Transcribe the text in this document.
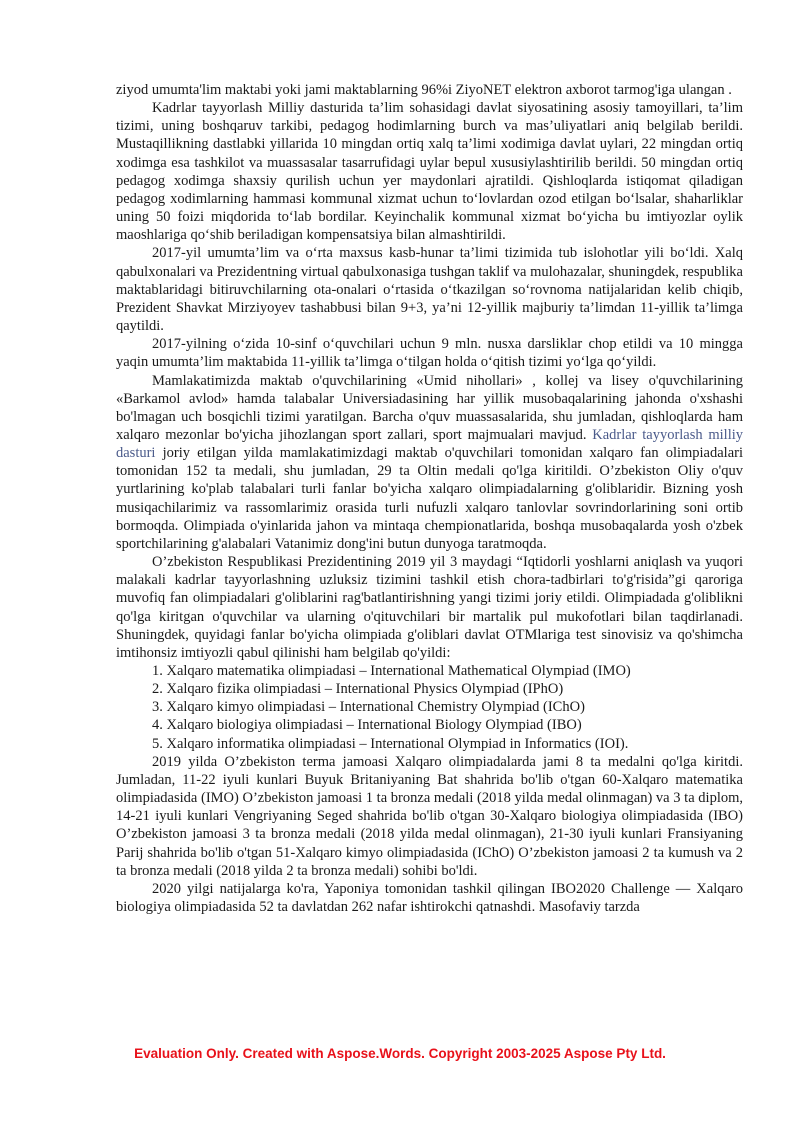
ziyod umumta'lim maktabi yoki jami maktablarning 96%i ZiyoNET elektron axborot tarmog'iga ulangan .

Kadrlar tayyorlash Milliy dasturida ta’lim sohasidagi davlat siyosatining asosiy tamoyillari, ta’lim tizimi, uning boshqaruv tarkibi, pedagog hodimlarning burch va mas’uliyatlari aniq belgilab berildi. Mustaqillikning dastlabki yillarida 10 mingdan ortiq xalq ta’limi xodimiga davlat uylari, 22 mingdan ortiq xodimga esa tashkilot va muassasalar tasarrufidagi uylar bepul xususiylashtirilib berildi. 50 mingdan ortiq pedagog xodimga shaxsiy qurilish uchun yer maydonlari ajratildi. Qishloqlarda istiqomat qiladigan pedagog xodimlarning hammasi kommunal xizmat uchun to‘lovlardan ozod etilgan bo‘lsalar, shaharliklar uning 50 foizi miqdorida to‘lab bordilar. Keyinchalik kommunal xizmat bo‘yicha bu imtiyozlar oylik maoshlariga qo‘shib beriladigan kompensatsiya bilan almashtirildi.

2017-yil umumta’lim va o‘rta maxsus kasb-hunar ta’limi tizimida tub islohotlar yili bo‘ldi. Xalq qabulxonalari va Prezidentning virtual qabulxonasiga tushgan taklif va mulohazalar, shuningdek, respublika maktablaridagi bitiruvchilarning ota-onalari o‘rtasida o‘tkazilgan so‘rovnoma natijalaridan kelib chiqib, Prezident Shavkat Mirziyoyev tashabbusi bilan 9+3, ya’ni 12-yillik majburiy ta’limdan 11-yillik ta’limga qaytildi.

2017-yilning o‘zida 10-sinf o‘quvchilari uchun 9 mln. nusxa darsliklar chop etildi va 10 mingga yaqin umumta’lim maktabida 11-yillik ta’limga o‘tilgan holda o‘qitish tizimi yo‘lga qo‘yildi.

Mamlakatimizda maktab o'quvchilarining «Umid nihollari» , kollej va lisey o'quvchilarining «Barkamol avlod» hamda talabalar Universiadasining har yillik musobaqalarining jahonda o'xshashi bo'lmagan uch bosqichli tizimi yaratilgan. Barcha o'quv muassasalarida, shu jumladan, qishloqlarda ham xalqaro mezonlar bo'yicha jihozlangan sport zallari, sport majmualari mavjud. Kadrlar tayyorlash milliy dasturi joriy etilgan yilda mamlakatimizdagi maktab o'quvchilari tomonidan xalqaro fan olimpiadalari tomonidan 152 ta medali, shu jumladan, 29 ta Oltin medali qo'lga kiritildi. O’zbekiston Oliy o'quv yurtlarining ko'plab talabalari turli fanlar bo'yicha xalqaro olimpiadalarning g'oliblaridir. Bizning yosh musiqachilarimiz va rassomlarimiz orasida turli nufuzli xalqaro tanlovlar sovrindorlarining soni ortib bormoqda. Olimpiada o'yinlarida jahon va mintaqa chempionatlarida, boshqa musobaqalarda yosh o'zbek sportchilarining g'alabalari Vatanimiz dong'ini butun dunyoga taratmoqda.

O’zbekiston Respublikasi Prezidentining 2019 yil 3 maydagi “Iqtidorli yoshlarni aniqlash va yuqori malakali kadrlar tayyorlashning uzluksiz tizimini tashkil etish chora-tadbirlari to'g'risida”gi qaroriga muvofiq fan olimpiadalari g'oliblarini rag'batlantirishning yangi tizimi joriy etildi. Olimpiadada g'oliblikni qo'lga kiritgan o'quvchilar va ularning o'qituvchilari bir martalik pul mukofotlari bilan taqdirlanadi. Shuningdek, quyidagi fanlar bo'yicha olimpiada g'oliblari davlat OTMlariga test sinovisiz va qo'shimcha imtihonsiz imtiyozli qabul qilinishi ham belgilab qo'yildi:

1. Xalqaro matematika olimpiadasi – International Mathematical Olympiad (IMO)
2. Xalqaro fizika olimpiadasi – International Physics Olympiad (IPhO)
3. Xalqaro kimyo olimpiadasi – International Chemistry Olympiad (IChO)
4. Xalqaro biologiya olimpiadasi – International Biology Olympiad (IBO)
5. Xalqaro informatika olimpiadasi – International Olympiad in Informatics (IOI).

2019 yilda O’zbekiston terma jamoasi Xalqaro olimpiadalarda jami 8 ta medalni qo'lga kiritdi. Jumladan, 11-22 iyuli kunlari Buyuk Britaniyaning Bat shahrida bo'lib o'tgan 60-Xalqaro matematika olimpiadasida (IMO) O’zbekiston jamoasi 1 ta bronza medali (2018 yilda medal olinmagan) va 3 ta diplom, 14-21 iyuli kunlari Vengriyaning Seged shahrida bo'lib o'tgan 30-Xalqaro biologiya olimpiadasida (IBO) O’zbekiston jamoasi 3 ta bronza medali (2018 yilda medal olinmagan), 21-30 iyuli kunlari Fransiyaning Parij shahrida bo'lib o'tgan 51-Xalqaro kimyo olimpiadasida (IChO) O’zbekiston jamoasi 2 ta kumush va 2 ta bronza medali (2018 yilda 2 ta bronza medali) sohibi bo'ldi.

2020 yilgi natijalarga ko'ra, Yaponiya tomonidan tashkil qilingan IBO2020 Challenge — Xalqaro biologiya olimpiadasida 52 ta davlatdan 262 nafar ishtirokchi qatnashdi. Masofaviy tarzda

Evaluation Only. Created with Aspose.Words. Copyright 2003-2025 Aspose Pty Ltd.
